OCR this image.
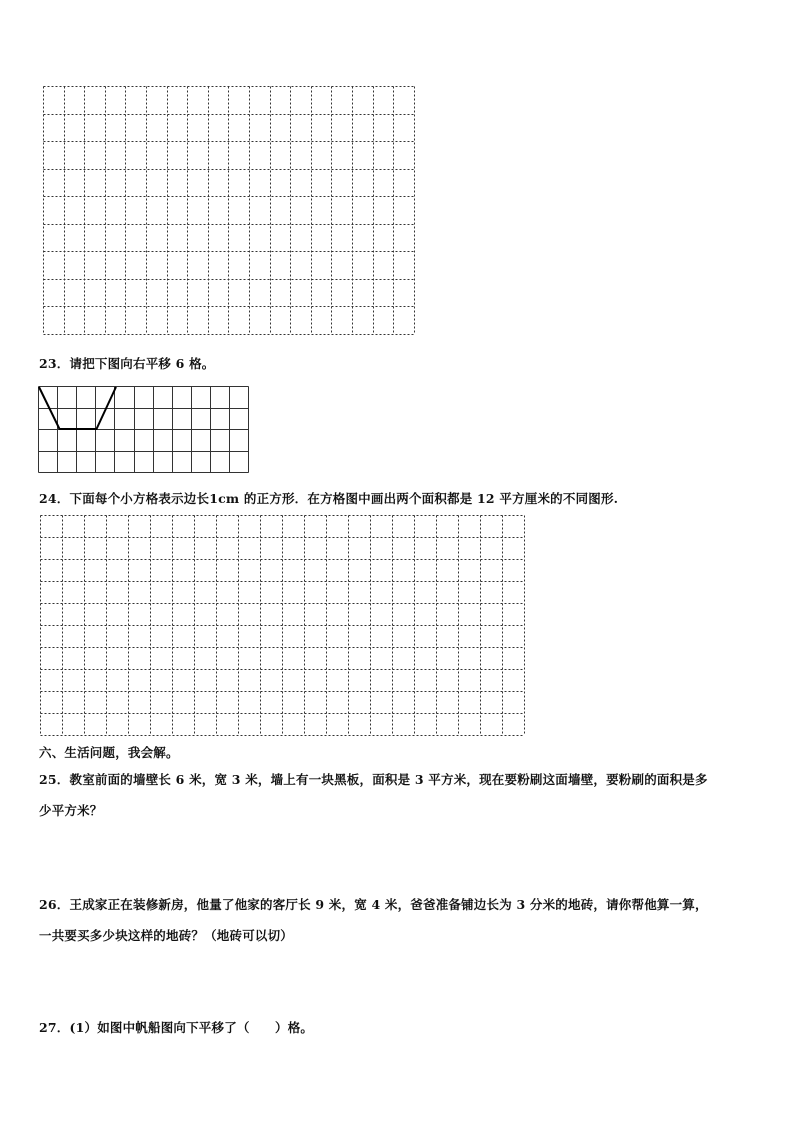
23．请把下图向右平移 6 格。
24．下面每个小方格表示边长1cm 的正方形．在方格图中画出两个面积都是 12 平方厘米的不同图形.
六、生活问题，我会解。
25．教室前面的墙壁长 6 米，宽 3 米，墙上有一块黑板，面积是 3 平方米，现在要粉刷这面墙壁，要粉刷的面积是多
少平方米？
26．王成家正在装修新房，他量了他家的客厅长 9 米，宽 4 米，爸爸准备铺边长为 3 分米的地砖，请你帮他算一算，
一共要买多少块这样的地砖？（地砖可以切）
27．(1）如图中帆船图向下平移了（　　）格。
